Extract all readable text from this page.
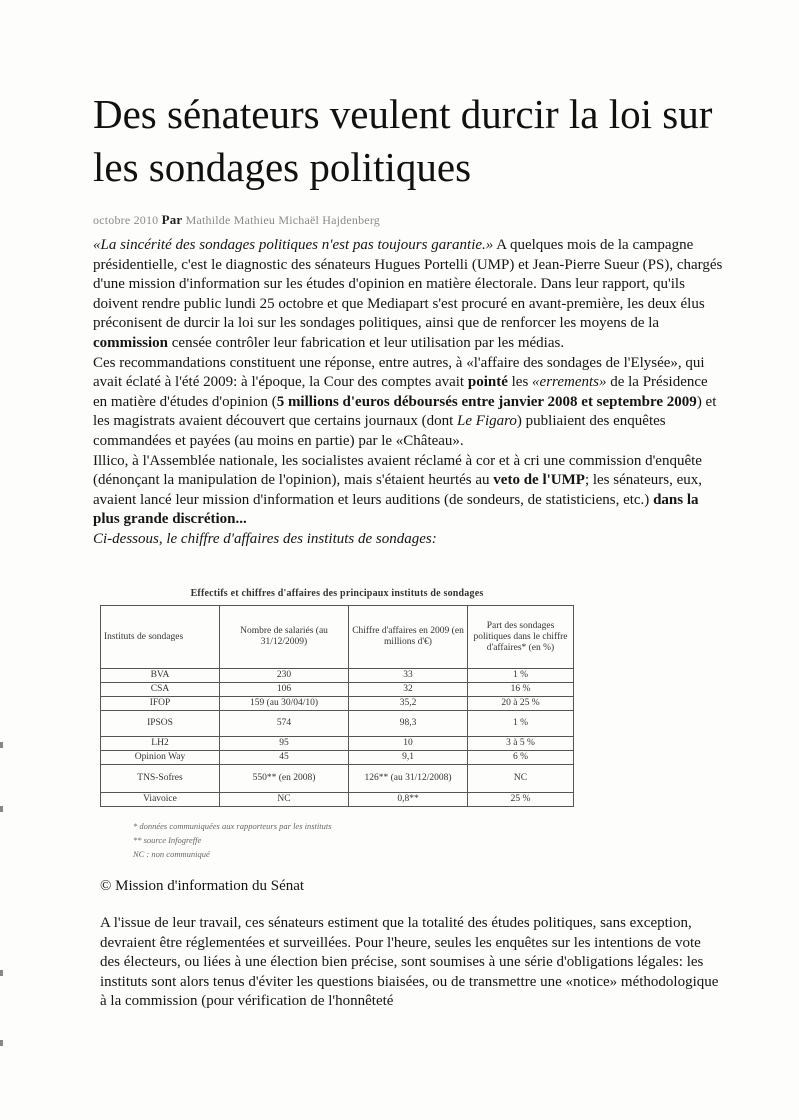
Des sénateurs veulent durcir la loi sur les sondages politiques
octobre 2010 Par Mathilde Mathieu Michaël Hajdenberg

«La sincérité des sondages politiques n'est pas toujours garantie.» A quelques mois de la campagne présidentielle, c'est le diagnostic des sénateurs Hugues Portelli (UMP) et Jean-Pierre Sueur (PS), chargés d'une mission d'information sur les études d'opinion en matière électorale. Dans leur rapport, qu'ils doivent rendre public lundi 25 octobre et que Mediapart s'est procuré en avant-première, les deux élus préconisent de durcir la loi sur les sondages politiques, ainsi que de renforcer les moyens de la commission censée contrôler leur fabrication et leur utilisation par les médias.

Ces recommandations constituent une réponse, entre autres, à «l'affaire des sondages de l'Elysée», qui avait éclaté à l'été 2009: à l'époque, la Cour des comptes avait pointé les «errements» de la Présidence en matière d'études d'opinion (5 millions d'euros déboursés entre janvier 2008 et septembre 2009) et les magistrats avaient découvert que certains journaux (dont Le Figaro) publiaient des enquêtes commandées et payées (au moins en partie) par le «Château».

Illico, à l'Assemblée nationale, les socialistes avaient réclamé à cor et à cri une commission d'enquête (dénonçant la manipulation de l'opinion), mais s'étaient heurtés au veto de l'UMP; les sénateurs, eux, avaient lancé leur mission d'information et leurs auditions (de sondeurs, de statisticiens, etc.) dans la plus grande discrétion...

Ci-dessous, le chiffre d'affaires des instituts de sondages:

Effectifs et chiffres d'affaires des principaux instituts de sondages
Instituts de sondages	Nombre de salariés (au 31/12/2009)	Chiffre d'affaires en 2009 (en millions d'€)	Part des sondages politiques dans le chiffre d'affaires* (en %)
BVA	230	33	1 %
CSA	106	32	16 %
IFOP	159 (au 30/04/10)	35,2	20 à 25 %
IPSOS	574	98,3	1 %
LH2	95	10	3 à 5 %
Opinion Way	45	9,1	6 %
TNS-Sofres	550** (en 2008)	126** (au 31/12/2008)	NC
Viavoice	NC	0,8**	25 %
* données communiquées aux rapporteurs par les instituts
** source Infogreffe
NC : non communiqué
© Mission d'information du Sénat

A l'issue de leur travail, ces sénateurs estiment que la totalité des études politiques, sans exception, devraient être réglementées et surveillées. Pour l'heure, seules les enquêtes sur les intentions de vote des électeurs, ou liées à une élection bien précise, sont soumises à une série d'obligations légales: les instituts sont alors tenus d'éviter les questions biaisées, ou de transmettre une «notice» méthodologique à la commission (pour vérification de l'honnêteté
